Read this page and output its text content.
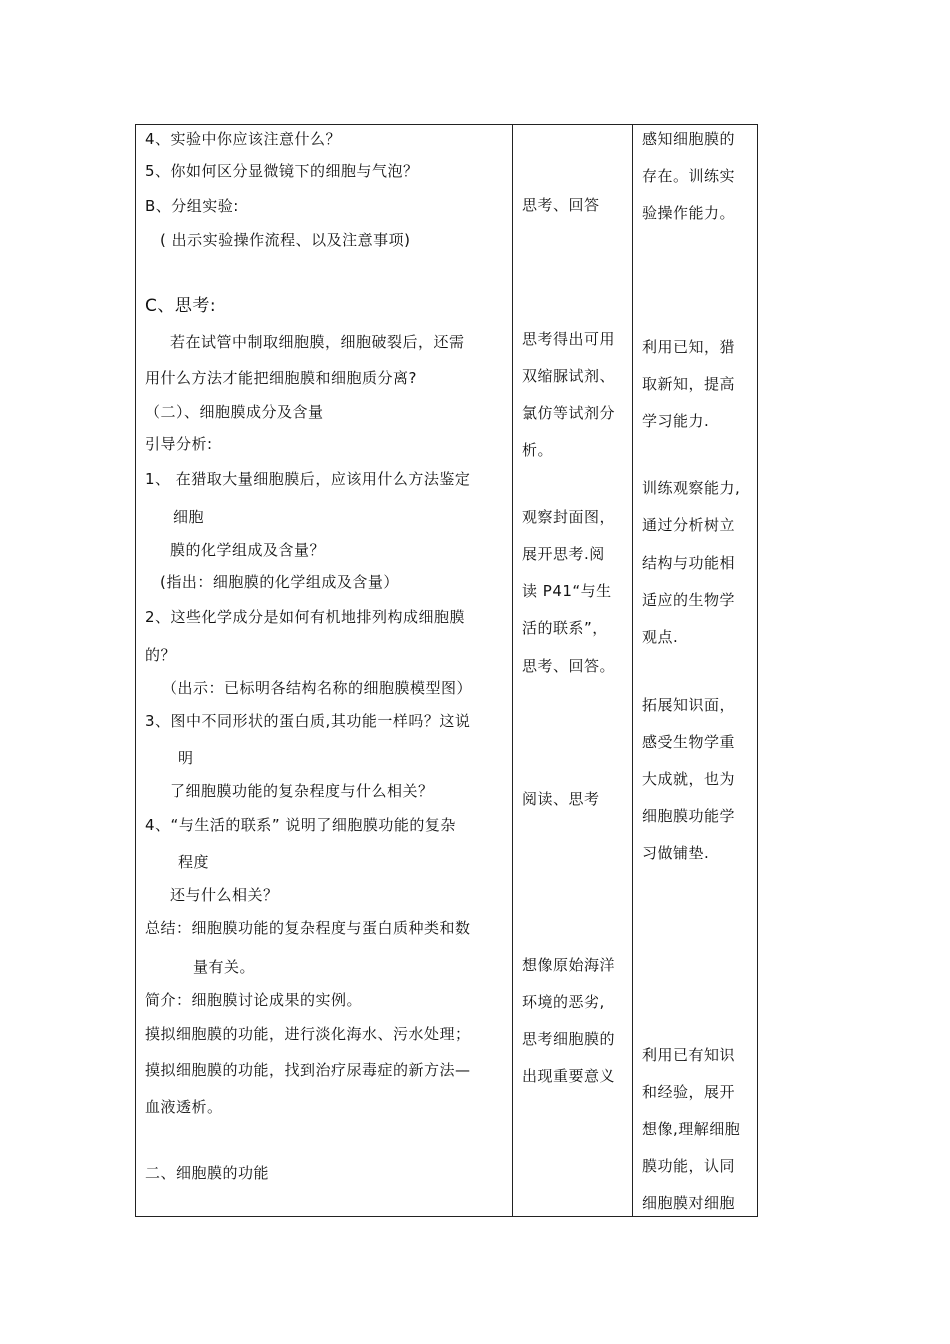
4、实验中你应该注意什么？
5、你如何区分显微镜下的细胞与气泡？
B、分组实验:
( 出示实验操作流程、以及注意事项)
C、思考:
若在试管中制取细胞膜，细胞破裂后，还需
用什么方法才能把细胞膜和细胞质分离?
（二）、细胞膜成分及含量
引导分析:
1、 在猎取大量细胞膜后，应该用什么方法鉴定
细胞
膜的化学组成及含量？
(指出：细胞膜的化学组成及含量）
2、这些化学成分是如何有机地排列构成细胞膜
的？
（出示：已标明各结构名称的细胞膜模型图）
3、图中不同形状的蛋白质,其功能一样吗？这说
明
了细胞膜功能的复杂程度与什么相关？
4、“与生活的联系” 说明了细胞膜功能的复杂
程度
还与什么相关？
总结：细胞膜功能的复杂程度与蛋白质种类和数
量有关。
简介：细胞膜讨论成果的实例。
摸拟细胞膜的功能，进行淡化海水、污水处理；
摸拟细胞膜的功能，找到治疗尿毒症的新方法—
血液透析。
二、细胞膜的功能
思考、回答
思考得出可用
双缩脲试剂、
氯仿等试剂分
析。
观察封面图，
展开思考.阅
读 P41“与生
活的联系”，
思考、回答。
阅读、思考
想像原始海洋
环境的恶劣,
思考细胞膜的
出现重要意义
感知细胞膜的
存在。训练实
验操作能力。
利用已知，猎
取新知，提高
学习能力.
训练观察能力,
通过分析树立
结构与功能相
适应的生物学
观点.
拓展知识面，
感受生物学重
大成就，也为
细胞膜功能学
习做铺垫.
利用已有知识
和经验，展开
想像,理解细胞
膜功能，认同
细胞膜对细胞
